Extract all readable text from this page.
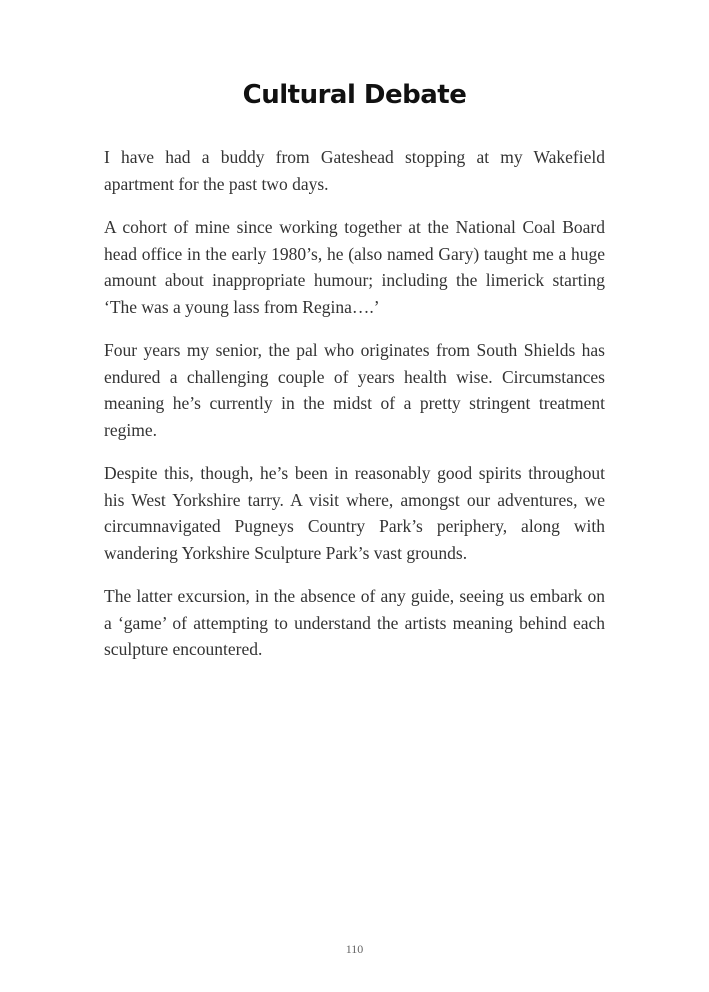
Cultural Debate

I have had a buddy from Gateshead stopping at my Wakefield apartment for the past two days.

A cohort of mine since working together at the National Coal Board head office in the early 1980’s, he (also named Gary) taught me a huge amount about inappropriate humour; including the limerick starting ‘The was a young lass from Regina….’

Four years my senior, the pal who originates from South Shields has endured a challenging couple of years health wise. Circumstances meaning he’s currently in the midst of a pretty stringent treatment regime.

Despite this, though, he’s been in reasonably good spirits throughout his West Yorkshire tarry. A visit where, amongst our adventures, we circumnavigated Pugneys Country Park’s periphery, along with wandering Yorkshire Sculpture Park’s vast grounds.

The latter excursion, in the absence of any guide, seeing us embark on a ‘game’ of attempting to understand the artists meaning behind each sculpture encountered.

110
